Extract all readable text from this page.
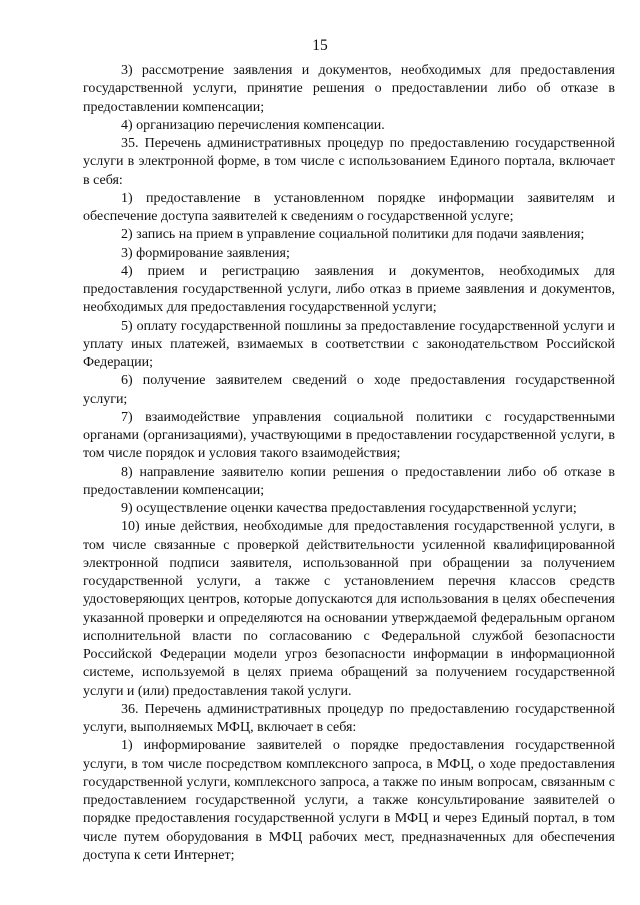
15

3) рассмотрение заявления и документов, необходимых для предоставления государственной услуги, принятие решения о предоставлении либо об отказе в предоставлении компенсации;

4) организацию перечисления компенсации.

35. Перечень административных процедур по предоставлению государственной услуги в электронной форме, в том числе с использованием Единого портала, включает в себя:

1) предоставление в установленном порядке информации заявителям и обеспечение доступа заявителей к сведениям о государственной услуге;

2) запись на прием в управление социальной политики для подачи заявления;

3) формирование заявления;

4) прием и регистрацию заявления и документов, необходимых для предоставления государственной услуги, либо отказ в приеме заявления и документов, необходимых для предоставления государственной услуги;

5) оплату государственной пошлины за предоставление государственной услуги и уплату иных платежей, взимаемых в соответствии с законодательством Российской Федерации;

6) получение заявителем сведений о ходе предоставления государственной услуги;

7) взаимодействие управления социальной политики с государственными органами (организациями), участвующими в предоставлении государственной услуги, в том числе порядок и условия такого взаимодействия;

8) направление заявителю копии решения о предоставлении либо об отказе в предоставлении компенсации;

9) осуществление оценки качества предоставления государственной услуги;

10) иные действия, необходимые для предоставления государственной услуги, в том числе связанные с проверкой действительности усиленной квалифицированной электронной подписи заявителя, использованной при обращении за получением государственной услуги, а также с установлением перечня классов средств удостоверяющих центров, которые допускаются для использования в целях обеспечения указанной проверки и определяются на основании утверждаемой федеральным органом исполнительной власти по согласованию с Федеральной службой безопасности Российской Федерации модели угроз безопасности информации в информационной системе, используемой в целях приема обращений за получением государственной услуги и (или) предоставления такой услуги.

36. Перечень административных процедур по предоставлению государственной услуги, выполняемых МФЦ, включает в себя:

1) информирование заявителей о порядке предоставления государственной услуги, в том числе посредством комплексного запроса, в МФЦ, о ходе предоставления государственной услуги, комплексного запроса, а также по иным вопросам, связанным с предоставлением государственной услуги, а также консультирование заявителей о порядке предоставления государственной услуги в МФЦ и через Единый портал, в том числе путем оборудования в МФЦ рабочих мест, предназначенных для обеспечения доступа к сети Интернет;
